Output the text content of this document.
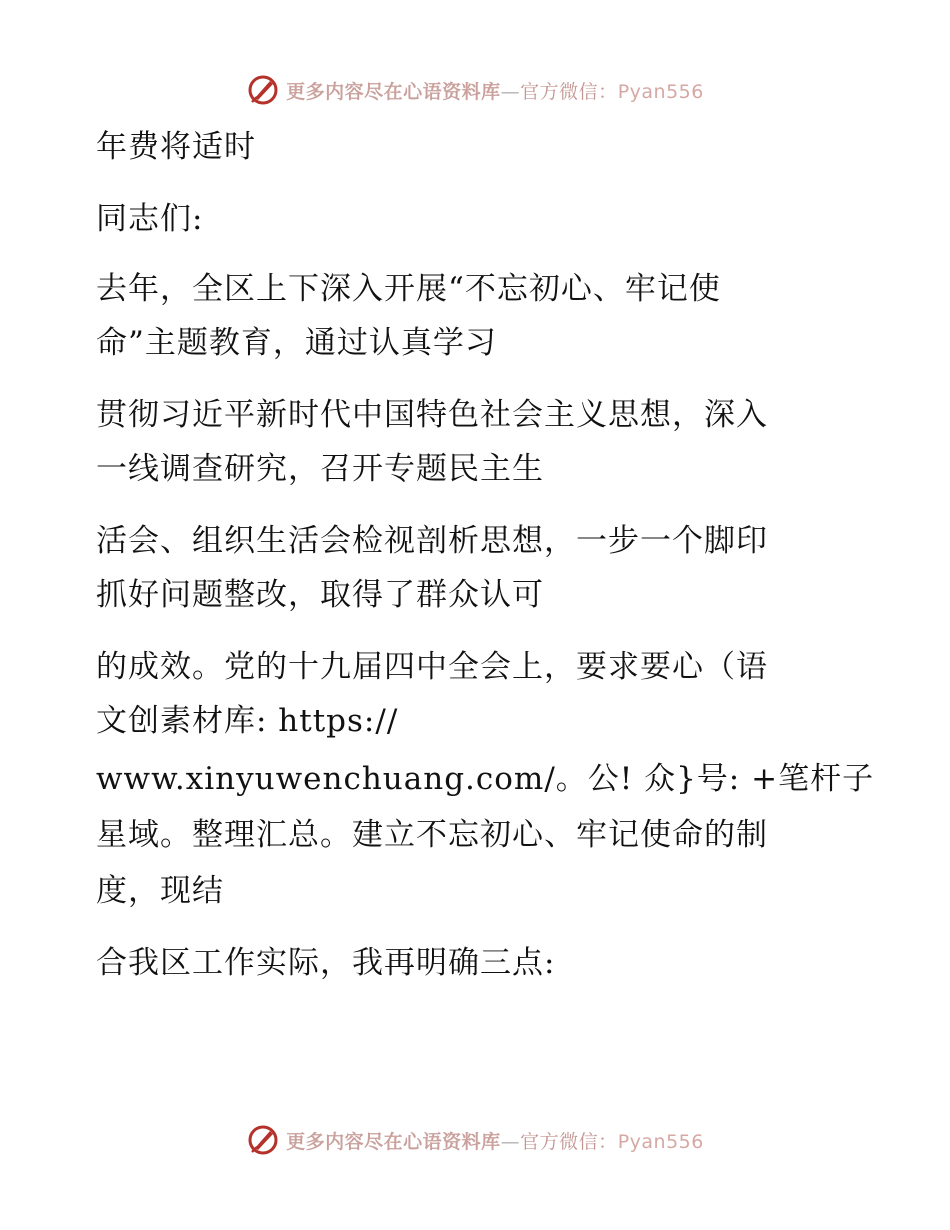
更多内容尽在心语资料库—官方微信：Pyan556

年费将适时

同志们:

去年，全区上下深入开展“不忘初心、牢记使

命”主题教育，通过认真学习

贯彻习近平新时代中国特色社会主义思想，深入

一线调查研究，召开专题民主生

活会、组织生活会检视剖析思想，一步一个脚印

抓好问题整改，取得了群众认可

的成效。党的十九届四中全会上，要求要心（语

文创素材库: https://

www.xinyuwenchuang.com/。公! 众}号: +笔杆子

星域。整理汇总。建立不忘初心、牢记使命的制

度，现结

合我区工作实际，我再明确三点:

更多内容尽在心语资料库—官方微信：Pyan556
